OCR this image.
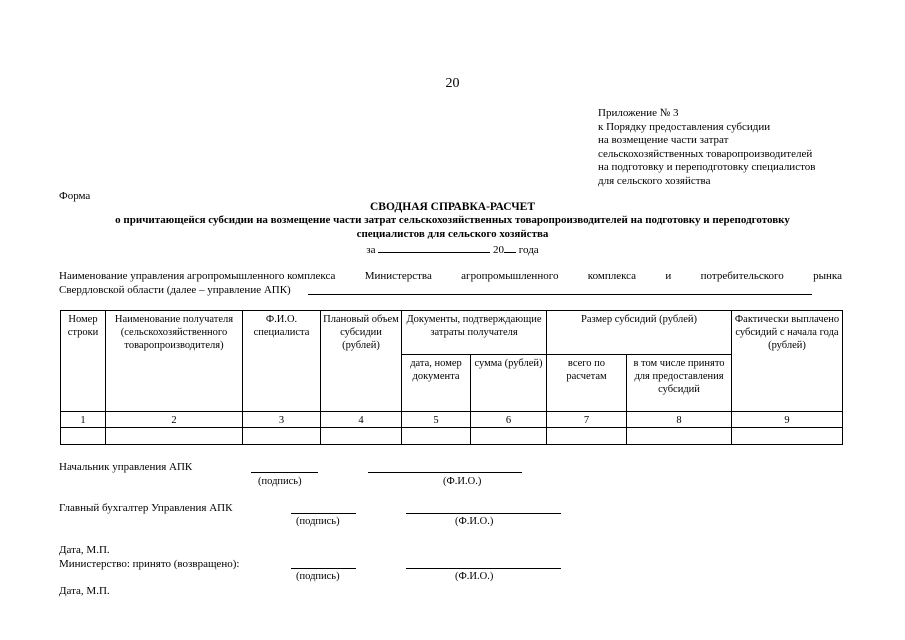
20
Приложение № 3
к Порядку предоставления субсидии
на возмещение части затрат
сельскохозяйственных товаропроизводителей
на подготовку и переподготовку специалистов
для сельского хозяйства
Форма
СВОДНАЯ СПРАВКА-РАСЧЕТ
о причитающейся субсидии на возмещение части затрат сельскохозяйственных товаропроизводителей на подготовку и переподготовку специалистов для сельского хозяйства
за	20 года
Наименование управления агропромышленного комплекса	Министерства	агропромышленного	комплекса	и	потребительского	рынка
Свердловской области (далее – управление АПК)
Номер строки	Наименование получателя (сельскохозяйственного товаропроизводителя)	Ф.И.О. специалиста	Плановый объем субсидии (рублей)	Документы, подтверждающие затраты получателя		Размер субсидий (рублей)		Фактически выплачено субсидий с начала года (рублей)
				дата, номер документа	сумма (рублей)	всего по расчетам	в том числе принято для предоставления субсидий	
1	2	3	4	5	6	7	8	9

Начальник управления АПК
(подпись)	(Ф.И.О.)
Главный бухгалтер Управления АПК
(подпись)	(Ф.И.О.)
Дата, М.П.
Министерство: принято (возвращено):
(подпись)	(Ф.И.О.)
Дата, М.П.
